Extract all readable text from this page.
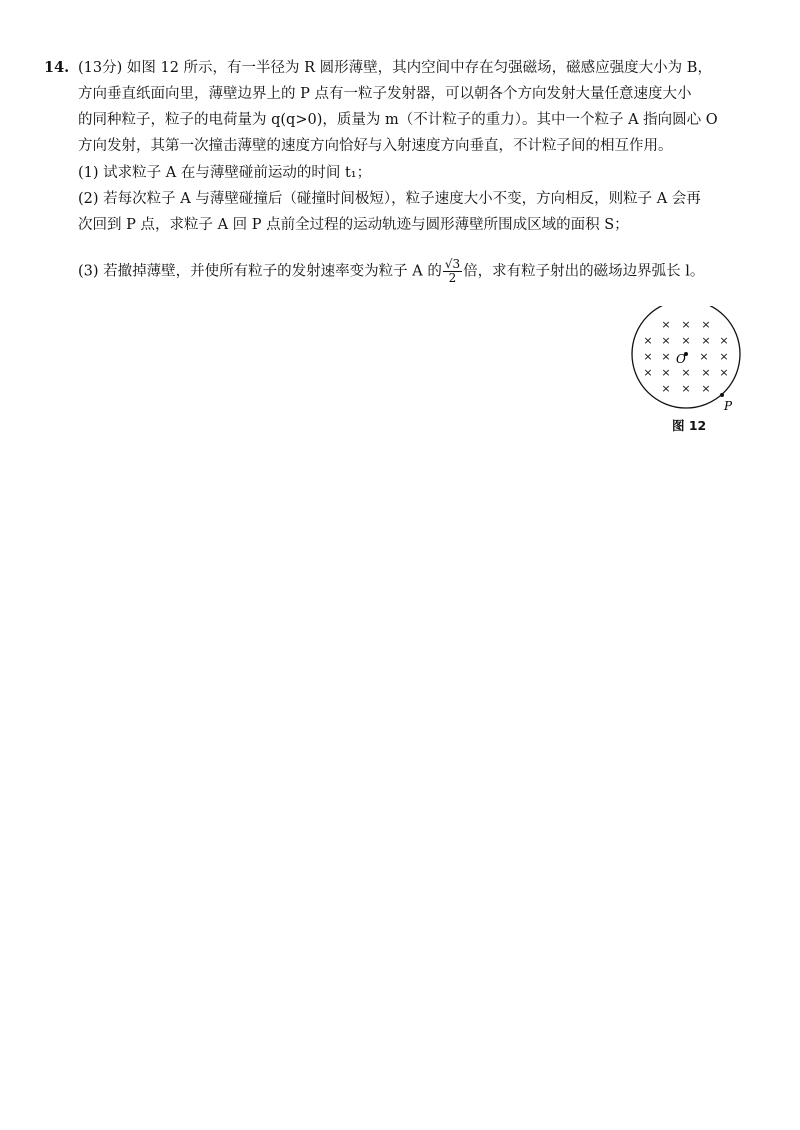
14. (13分) 如图 12 所示，有一半径为 R 圆形薄壁，其内空间中存在匀强磁场，磁感应强度大小为 B，
方向垂直纸面向里，薄壁边界上的 P 点有一粒子发射器，可以朝各个方向发射大量任意速度大小
的同种粒子，粒子的电荷量为 q(q>0)，质量为 m（不计粒子的重力）。其中一个粒子 A 指向圆心 O
方向发射，其第一次撞击薄壁的速度方向恰好与入射速度方向垂直，不计粒子间的相互作用。
(1) 试求粒子 A 在与薄壁碰前运动的时间 t₁；
(2) 若每次粒子 A 与薄壁碰撞后（碰撞时间极短），粒子速度大小不变，方向相反，则粒子 A 会再
次回到 P 点，求粒子 A 回 P 点前全过程的运动轨迹与圆形薄壁所围成区域的面积 S；
(3) 若撤掉薄壁，并使所有粒子的发射速率变为粒子 A 的 $\frac{√3}{2}$ 倍，求有粒子射出的磁场边界弧长 l。
× × ×
× × × × ×
× ×	× ×
× × × × ×
× × ×
O
P
图 12
